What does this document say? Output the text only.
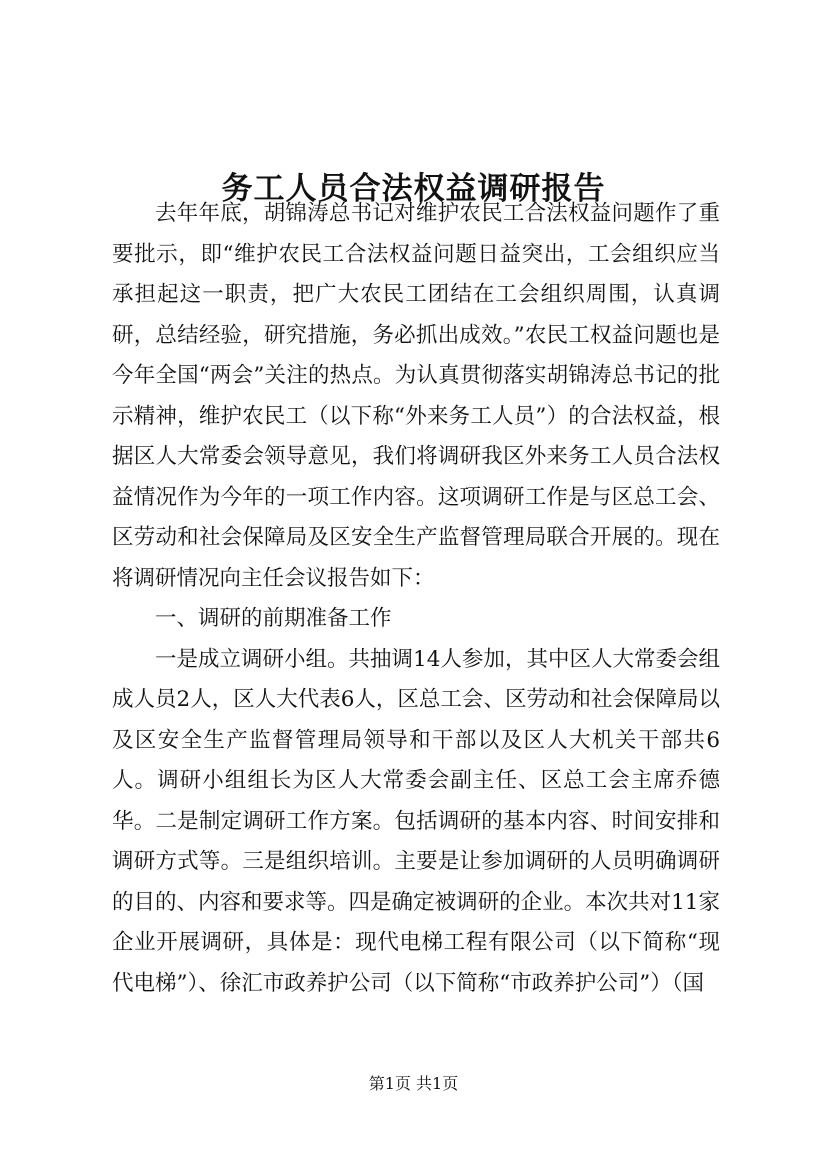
务工人员合法权益调研报告

去年年底，胡锦涛总书记对维护农民工合法权益问题作了重要批示，即“维护农民工合法权益问题日益突出，工会组织应当承担起这一职责，把广大农民工团结在工会组织周围，认真调研，总结经验，研究措施，务必抓出成效。”农民工权益问题也是今年全国“两会”关注的热点。为认真贯彻落实胡锦涛总书记的批示精神，维护农民工（以下称“外来务工人员”）的合法权益，根据区人大常委会领导意见，我们将调研我区外来务工人员合法权益情况作为今年的一项工作内容。这项调研工作是与区总工会、区劳动和社会保障局及区安全生产监督管理局联合开展的。现在将调研情况向主任会议报告如下：

一、调研的前期准备工作

一是成立调研小组。共抽调14人参加，其中区人大常委会组成人员2人，区人大代表6人，区总工会、区劳动和社会保障局以及区安全生产监督管理局领导和干部以及区人大机关干部共6人。调研小组组长为区人大常委会副主任、区总工会主席乔德华。二是制定调研工作方案。包括调研的基本内容、时间安排和调研方式等。三是组织培训。主要是让参加调研的人员明确调研的目的、内容和要求等。四是确定被调研的企业。本次共对11家企业开展调研，具体是：现代电梯工程有限公司（以下简称“现代电梯”）、徐汇市政养护公司（以下简称“市政养护公司”）（国

第1页 共1页
